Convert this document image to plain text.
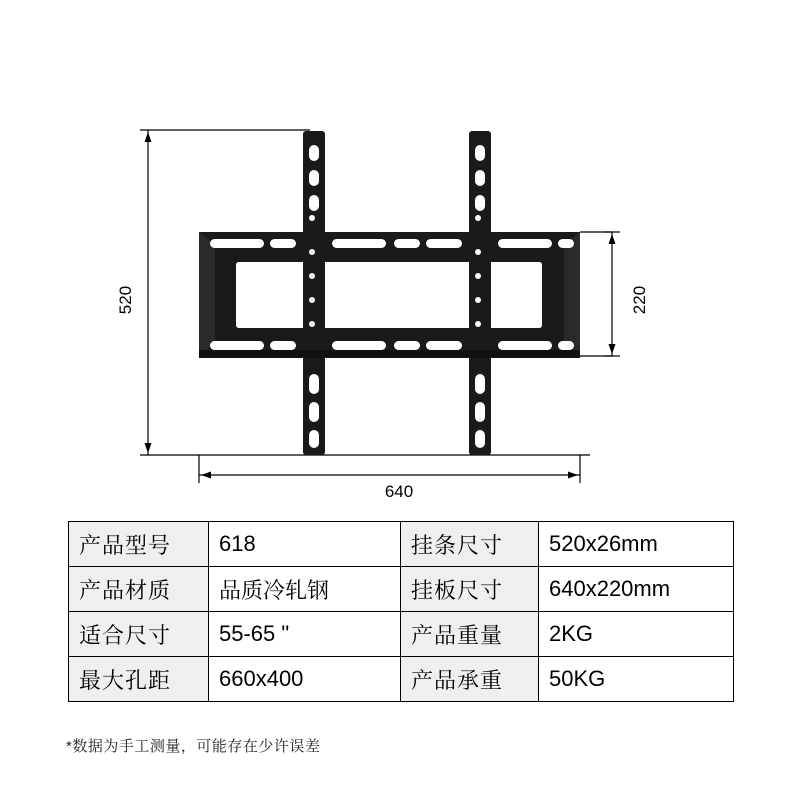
520	220
640
产品型号	618	挂条尺寸	520x26mm
产品材质	品质冷轧钢	挂板尺寸	640x220mm
适合尺寸	55-65 "	产品重量	2KG
最大孔距	660x400	产品承重	50KG
*数据为手工测量，可能存在少许误差
